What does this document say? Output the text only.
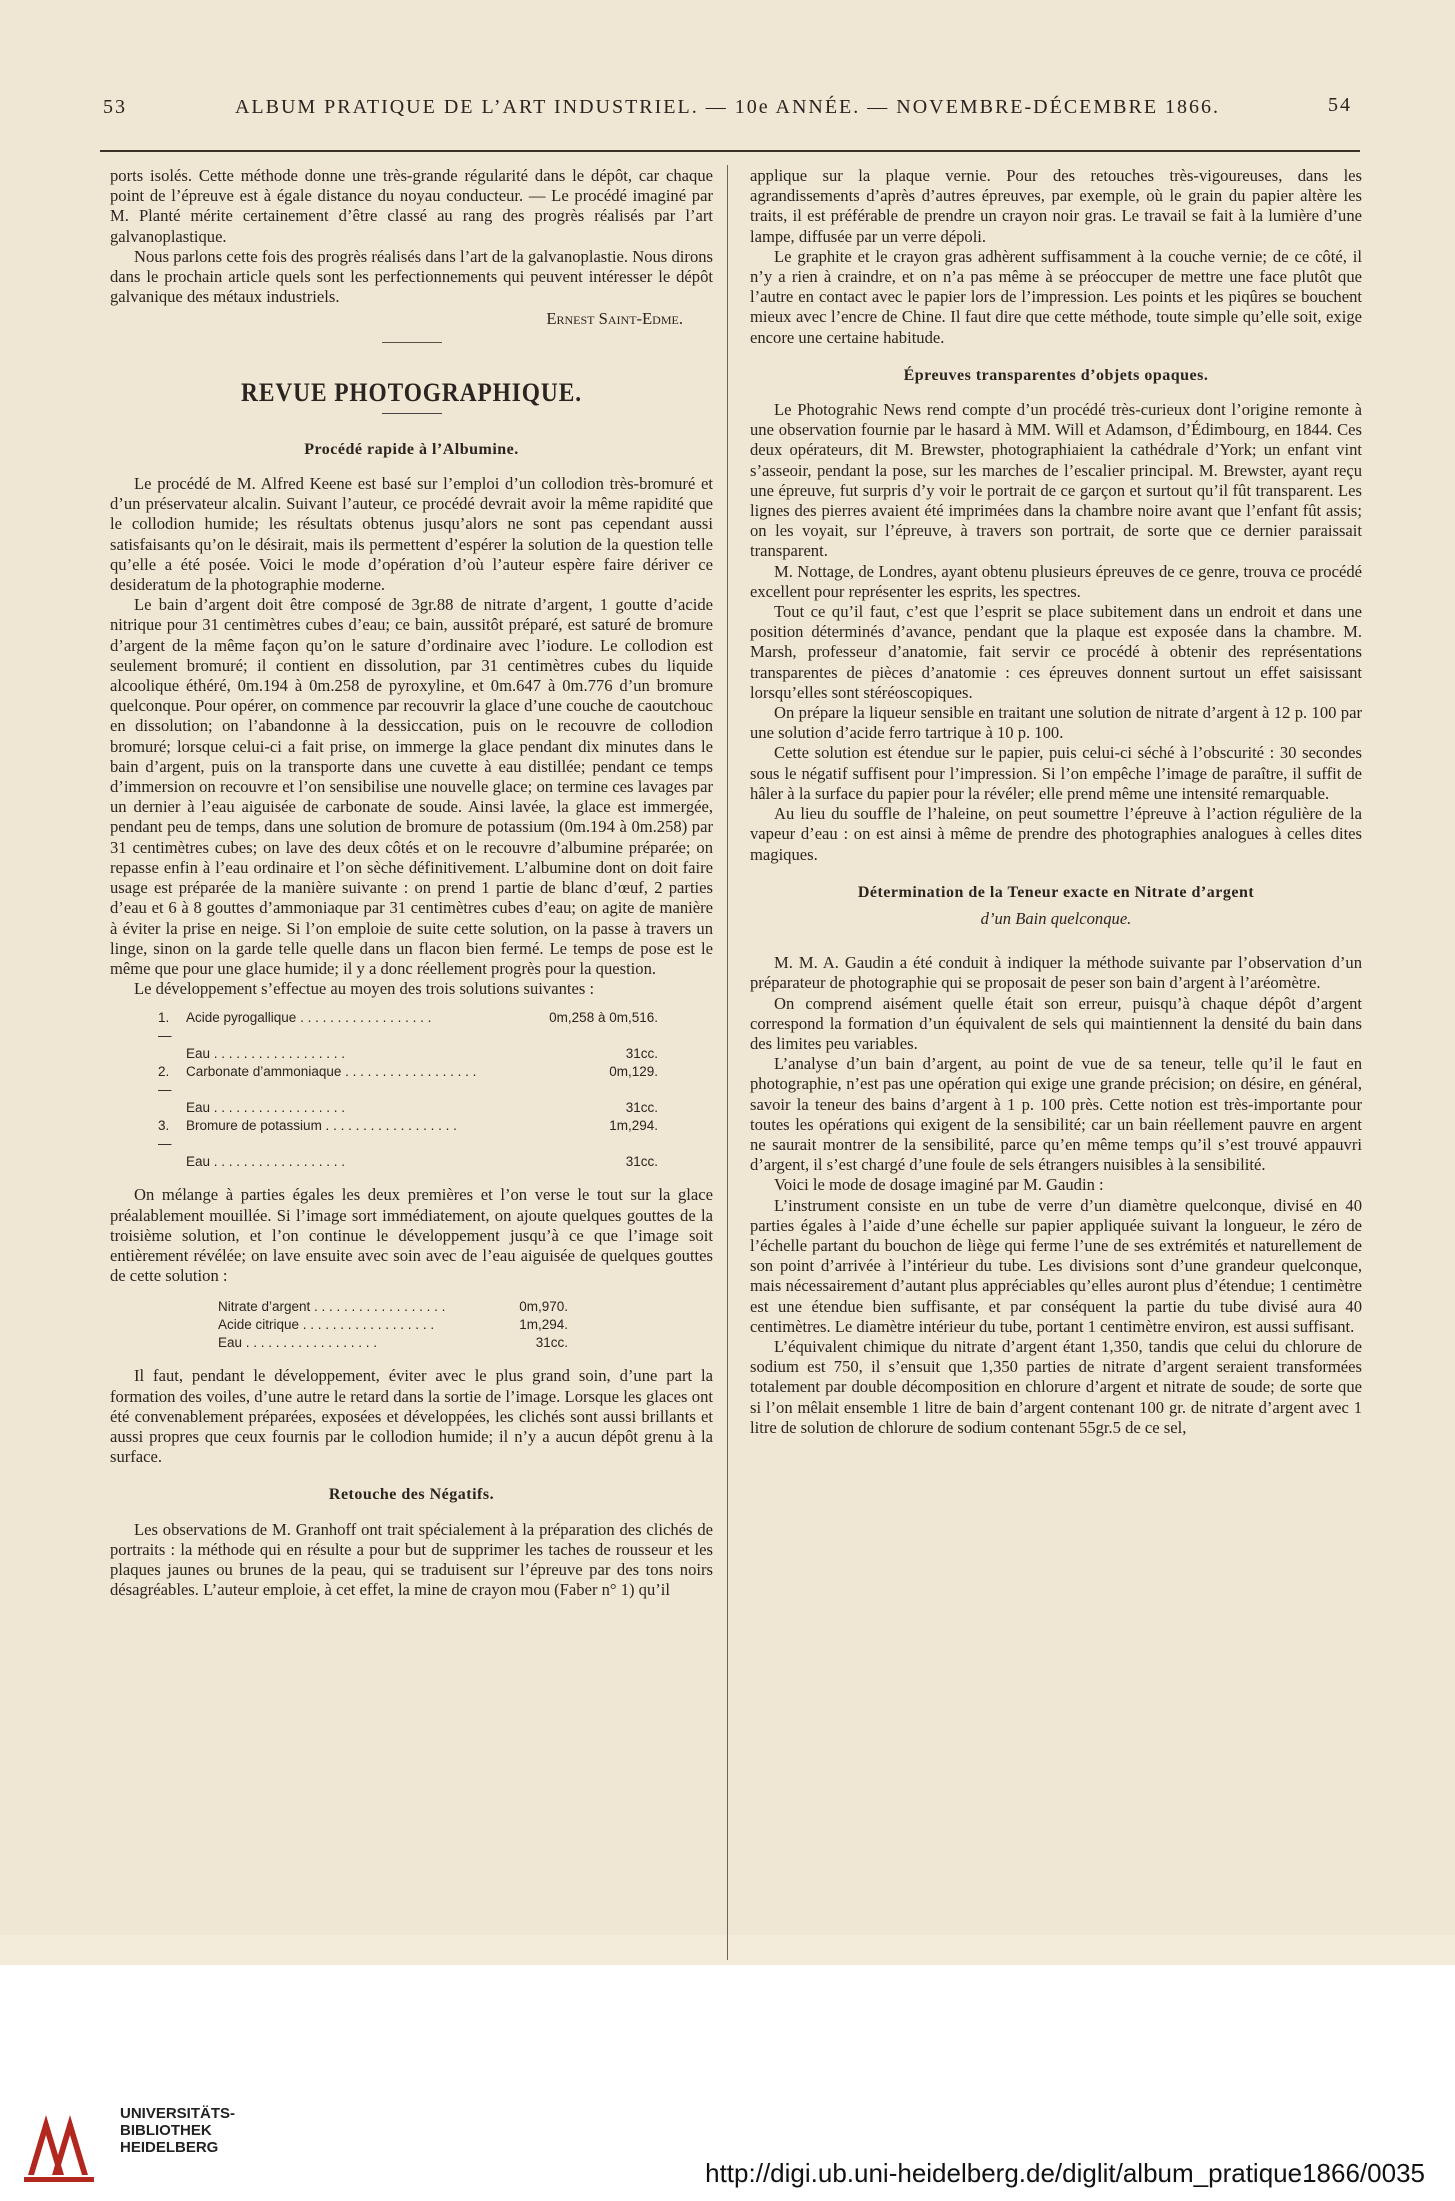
53	ALBUM PRATIQUE DE L’ART INDUSTRIEL. — 10e ANNÉE. — NOVEMBRE-DÉCEMBRE 1866.	54

ports isolés. Cette méthode donne une très-grande régularité dans le dépôt, car chaque point de l’épreuve est à égale distance du noyau conducteur. — Le procédé imaginé par M. Planté mérite certainement d’être classé au rang des progrès réalisés par l’art galvanoplastique.

Nous parlons cette fois des progrès réalisés dans l’art de la galvanoplastie. Nous dirons dans le prochain article quels sont les perfectionnements qui peuvent intéresser le dépôt galvanique des métaux industriels.

Ernest Saint-Edme.
REVUE PHOTOGRAPHIQUE.
Procédé rapide à l’Albumine.

Le procédé de M. Alfred Keene est basé sur l’emploi d’un collodion très-bromuré et d’un préservateur alcalin. Suivant l’auteur, ce procédé devrait avoir la même rapidité que le collodion humide; les résultats obtenus jusqu’alors ne sont pas cependant aussi satisfaisants qu’on le désirait, mais ils permettent d’espérer la solution de la question telle qu’elle a été posée. Voici le mode d’opération d’où l’auteur espère faire dériver ce desideratum de la photographie moderne.

Le bain d’argent doit être composé de 3gr.88 de nitrate d’argent, 1 goutte d’acide nitrique pour 31 centimètres cubes d’eau; ce bain, aussitôt préparé, est saturé de bromure d’argent de la même façon qu’on le sature d’ordinaire avec l’iodure. Le collodion est seulement bromuré; il contient en dissolution, par 31 centimètres cubes du liquide alcoolique éthéré, 0m.194 à 0m.258 de pyroxyline, et 0m.647 à 0m.776 d’un bromure quelconque. Pour opérer, on commence par recouvrir la glace d’une couche de caoutchouc en dissolution; on l’abandonne à la dessiccation, puis on le recouvre de collodion bromuré; lorsque celui-ci a fait prise, on immerge la glace pendant dix minutes dans le bain d’argent, puis on la transporte dans une cuvette à eau distillée; pendant ce temps d’immersion on recouvre et l’on sensibilise une nouvelle glace; on termine ces lavages par un dernier à l’eau aiguisée de carbonate de soude. Ainsi lavée, la glace est immergée, pendant peu de temps, dans une solution de bromure de potassium (0m.194 à 0m.258) par 31 centimètres cubes; on lave des deux côtés et on le recouvre d’albumine préparée; on repasse enfin à l’eau ordinaire et l’on sèche définitivement. L’albumine dont on doit faire usage est préparée de la manière suivante : on prend 1 partie de blanc d’œuf, 2 parties d’eau et 6 à 8 gouttes d’ammoniaque par 31 centimètres cubes d’eau; on agite de manière à éviter la prise en neige. Si l’on emploie de suite cette solution, on la passe à travers un linge, sinon on la garde telle quelle dans un flacon bien fermé. Le temps de pose est le même que pour une glace humide; il y a donc réellement progrès pour la question.

Le développement s’effectue au moyen des trois solutions suivantes :

1. —
Acide pyrogallique . . . . . . . . . . . . . . . . . .	0m,258 à 0m,516.
Eau . . . . . . . . . . . . . . . . . .	31cc.
2. —
Carbonate d’ammoniaque . . . . . . . . . . . . . . . . . .	0m,129.
Eau . . . . . . . . . . . . . . . . . .	31cc.
3. —
Bromure de potassium . . . . . . . . . . . . . . . . . .	1m,294.
Eau . . . . . . . . . . . . . . . . . .	31cc.

On mélange à parties égales les deux premières et l’on verse le tout sur la glace préalablement mouillée. Si l’image sort immédiatement, on ajoute quelques gouttes de la troisième solution, et l’on continue le développement jusqu’à ce que l’image soit entièrement révélée; on lave ensuite avec soin avec de l’eau aiguisée de quelques gouttes de cette solution :

Nitrate d’argent . . . . . . . . . . . . . . . . . .	0m,970.
Acide citrique . . . . . . . . . . . . . . . . . .	1m,294.
Eau . . . . . . . . . . . . . . . . . .	31cc.

Il faut, pendant le développement, éviter avec le plus grand soin, d’une part la formation des voiles, d’une autre le retard dans la sortie de l’image. Lorsque les glaces ont été convenablement préparées, exposées et développées, les clichés sont aussi brillants et aussi propres que ceux fournis par le collodion humide; il n’y a aucun dépôt grenu à la surface.

Retouche des Négatifs.

Les observations de M. Granhoff ont trait spécialement à la préparation des clichés de portraits : la méthode qui en résulte a pour but de supprimer les taches de rousseur et les plaques jaunes ou brunes de la peau, qui se traduisent sur l’épreuve par des tons noirs désagréables. L’auteur emploie, à cet effet, la mine de crayon mou (Faber n° 1) qu’il

applique sur la plaque vernie. Pour des retouches très-vigoureuses, dans les agrandissements d’après d’autres épreuves, par exemple, où le grain du papier altère les traits, il est préférable de prendre un crayon noir gras. Le travail se fait à la lumière d’une lampe, diffusée par un verre dépoli.

Le graphite et le crayon gras adhèrent suffisamment à la couche vernie; de ce côté, il n’y a rien à craindre, et on n’a pas même à se préoccuper de mettre une face plutôt que l’autre en contact avec le papier lors de l’impression. Les points et les piqûres se bouchent mieux avec l’encre de Chine. Il faut dire que cette méthode, toute simple qu’elle soit, exige encore une certaine habitude.

Épreuves transparentes d’objets opaques.

Le Photograhic News rend compte d’un procédé très-curieux dont l’origine remonte à une observation fournie par le hasard à MM. Will et Adamson, d’Édimbourg, en 1844. Ces deux opérateurs, dit M. Brewster, photographiaient la cathédrale d’York; un enfant vint s’asseoir, pendant la pose, sur les marches de l’escalier principal. M. Brewster, ayant reçu une épreuve, fut surpris d’y voir le portrait de ce garçon et surtout qu’il fût transparent. Les lignes des pierres avaient été imprimées dans la chambre noire avant que l’enfant fût assis; on les voyait, sur l’épreuve, à travers son portrait, de sorte que ce dernier paraissait transparent.

M. Nottage, de Londres, ayant obtenu plusieurs épreuves de ce genre, trouva ce procédé excellent pour représenter les esprits, les spectres.

Tout ce qu’il faut, c’est que l’esprit se place subitement dans un endroit et dans une position déterminés d’avance, pendant que la plaque est exposée dans la chambre. M. Marsh, professeur d’anatomie, fait servir ce procédé à obtenir des représentations transparentes de pièces d’anatomie : ces épreuves donnent surtout un effet saisissant lorsqu’elles sont stéréoscopiques.

On prépare la liqueur sensible en traitant une solution de nitrate d’argent à 12 p. 100 par une solution d’acide ferro tartrique à 10 p. 100.

Cette solution est étendue sur le papier, puis celui-ci séché à l’obscurité : 30 secondes sous le négatif suffisent pour l’impression. Si l’on empêche l’image de paraître, il suffit de hâler à la surface du papier pour la révéler; elle prend même une intensité remarquable.

Au lieu du souffle de l’haleine, on peut soumettre l’épreuve à l’action régulière de la vapeur d’eau : on est ainsi à même de prendre des photographies analogues à celles dites magiques.

Détermination de la Teneur exacte en Nitrate d’argent
d’un Bain quelconque.

M. M. A. Gaudin a été conduit à indiquer la méthode suivante par l’observation d’un préparateur de photographie qui se proposait de peser son bain d’argent à l’aréomètre.

On comprend aisément quelle était son erreur, puisqu’à chaque dépôt d’argent correspond la formation d’un équivalent de sels qui maintiennent la densité du bain dans des limites peu variables.

L’analyse d’un bain d’argent, au point de vue de sa teneur, telle qu’il le faut en photographie, n’est pas une opération qui exige une grande précision; on désire, en général, savoir la teneur des bains d’argent à 1 p. 100 près. Cette notion est très-importante pour toutes les opérations qui exigent de la sensibilité; car un bain réellement pauvre en argent ne saurait montrer de la sensibilité, parce qu’en même temps qu’il s’est trouvé appauvri d’argent, il s’est chargé d’une foule de sels étrangers nuisibles à la sensibilité.

Voici le mode de dosage imaginé par M. Gaudin :

L’instrument consiste en un tube de verre d’un diamètre quelconque, divisé en 40 parties égales à l’aide d’une échelle sur papier appliquée suivant la longueur, le zéro de l’échelle partant du bouchon de liège qui ferme l’une de ses extrémités et naturellement de son point d’arrivée à l’intérieur du tube. Les divisions sont d’une grandeur quelconque, mais nécessairement d’autant plus appréciables qu’elles auront plus d’étendue; 1 centimètre est une étendue bien suffisante, et par conséquent la partie du tube divisé aura 40 centimètres. Le diamètre intérieur du tube, portant 1 centimètre environ, est aussi suffisant.

L’équivalent chimique du nitrate d’argent étant 1,350, tandis que celui du chlorure de sodium est 750, il s’ensuit que 1,350 parties de nitrate d’argent seraient transformées totalement par double décomposition en chlorure d’argent et nitrate de soude; de sorte que si l’on mêlait ensemble 1 litre de bain d’argent contenant 100 gr. de nitrate d’argent avec 1 litre de solution de chlorure de sodium contenant 55gr.5 de ce sel,

UNIVERSITÄTS-
BIBLIOTHEK
HEIDELBERG
http://digi.ub.uni-heidelberg.de/diglit/album_pratique1866/0035
